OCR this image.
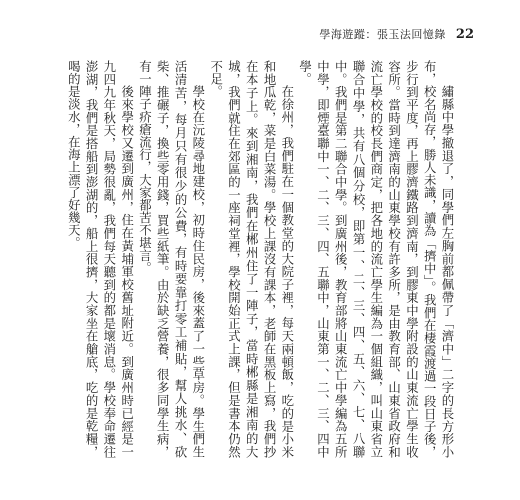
學海遊蹤：張玉法回憶錄 22

繡縣中學撤退了，同學們左胸前都佩帶了「濟中」二字的長方形小布，校名尚存，勝人未識，讀為「擠中」。我們在棲霞渡過一段日子後，步行到平度，再上膠濟鐵路到濟南，到膠東中學附設的山東流亡學生收容所。當時到達濟南的山東學校有許多所，是由教育部、山東省政府和流亡學校的校長們商定，把各地的流亡學生編為一個組織，叫山東省立聯合中學，共有八個分校，即第一、二、三、四、五、六、七、八聯中。我們是第二聯合中學。到廣州後，教育部將山東流亡中學編為五所中學，即煙臺聯中一、二、三、四、五聯中，山東第一、二、三、四中學。

在徐州，我們駐在一個教堂的大院子裡，每天兩頓飯，吃的是小米和地瓜乾，菜是白菜湯。學校上課沒有課本，老師在黑板上寫，我們抄在本子上。來到湘南，我們在郴州住了一陣子，當時郴縣是湘南的大城，我們就住在郊區的一座祠堂裡，學校開始正式上課，但是書本仍然不足。

學校在沅陵尋地建校，初時住民房，後來蓋了一些草房。學生們生活清苦，每月只有很少的公費，有時要靠打零工補貼，幫人挑水、砍柴、推碾子，換些零用錢，買些紙筆。由於缺乏營養，很多同學生病，有一陣子疥瘡流行，大家都苦不堪言。

後來學校又遷到廣州，住在黃埔軍校舊址附近。到廣州時已經是一九四九年秋天，局勢很亂，我們每天聽到的都是壞消息。學校奉命遷往澎湖，我們是搭船到澎湖的，船上很擠，大家坐在艙底，吃的是乾糧，喝的是淡水，在海上漂了好幾天。
